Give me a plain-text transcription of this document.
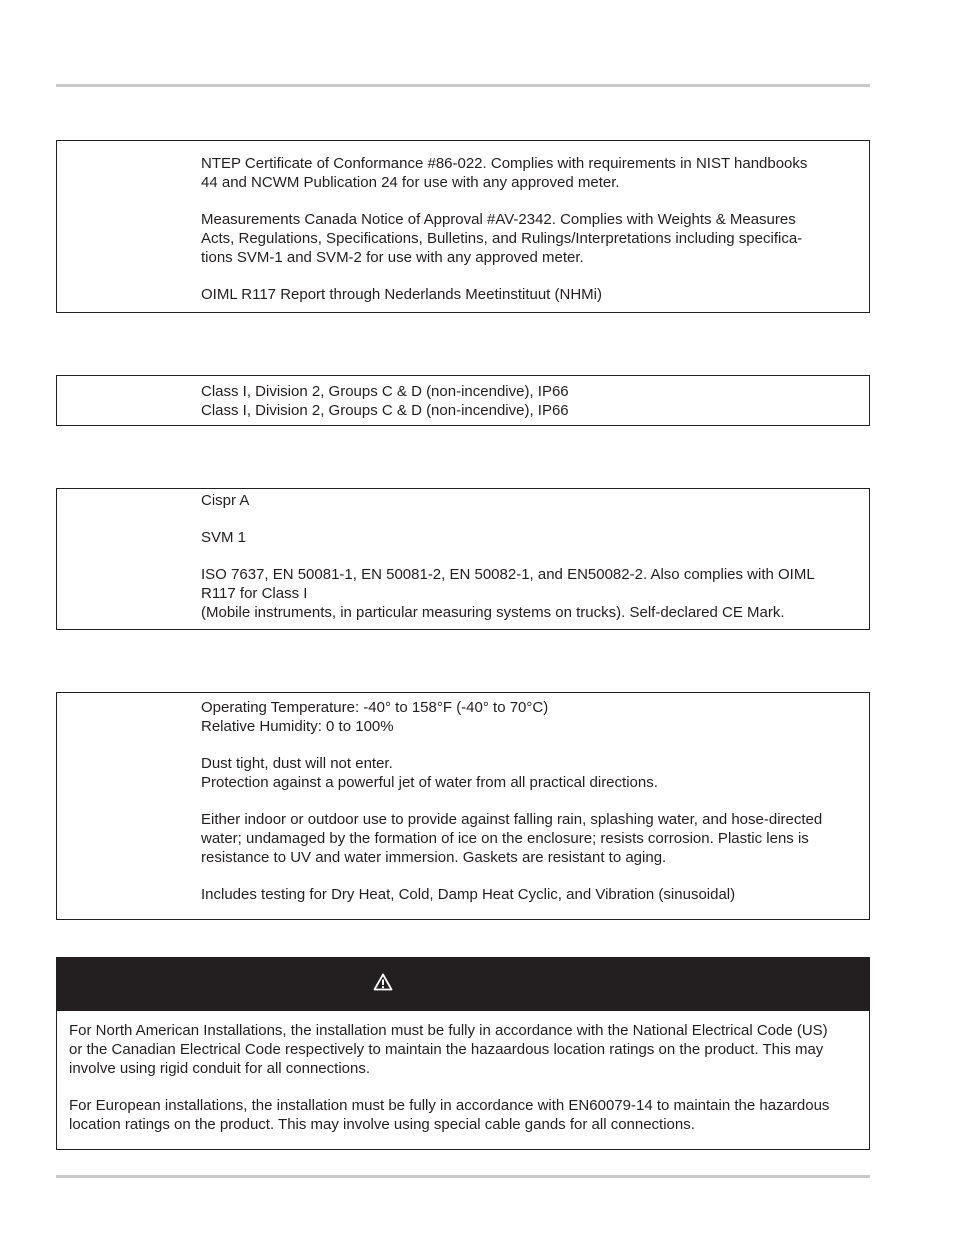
NTEP Certificate of Conformance #86-022. Complies with requirements in NIST handbooks
44 and NCWM Publication 24 for use with any approved meter.
Measurements Canada Notice of Approval #AV-2342. Complies with Weights & Measures
Acts, Regulations, Specifications, Bulletins, and Rulings/Interpretations including specifica-
tions SVM-1 and SVM-2 for use with any approved meter.
OIML R117 Report through Nederlands Meetinstituut (NHMi)
Class I, Division 2, Groups C & D (non-incendive), IP66
Class I, Division 2, Groups C & D (non-incendive), IP66
Cispr A
SVM 1
ISO 7637, EN 50081-1, EN 50081-2, EN 50082-1, and EN50082-2. Also complies with OIML
R117 for Class I
(Mobile instruments, in particular measuring systems on trucks). Self-declared CE Mark.
Operating Temperature: -40° to 158°F (-40° to 70°C)
Relative Humidity: 0 to 100%
Dust tight, dust will not enter.
Protection against a powerful jet of water from all practical directions.
Either indoor or outdoor use to provide against falling rain, splashing water, and hose-directed
water; undamaged by the formation of ice on the enclosure; resists corrosion. Plastic lens is
resistance to UV and water immersion. Gaskets are resistant to aging.
Includes testing for Dry Heat, Cold, Damp Heat Cyclic, and Vibration (sinusoidal)
For North American Installations, the installation must be fully in accordance with the National Electrical Code (US)
or the Canadian Electrical Code respectively to maintain the hazaardous location ratings on the product. This may
involve using rigid conduit for all connections.
For European installations, the installation must be fully in accordance with EN60079-14 to maintain the hazardous
location ratings on the product. This may involve using special cable gands for all connections.
